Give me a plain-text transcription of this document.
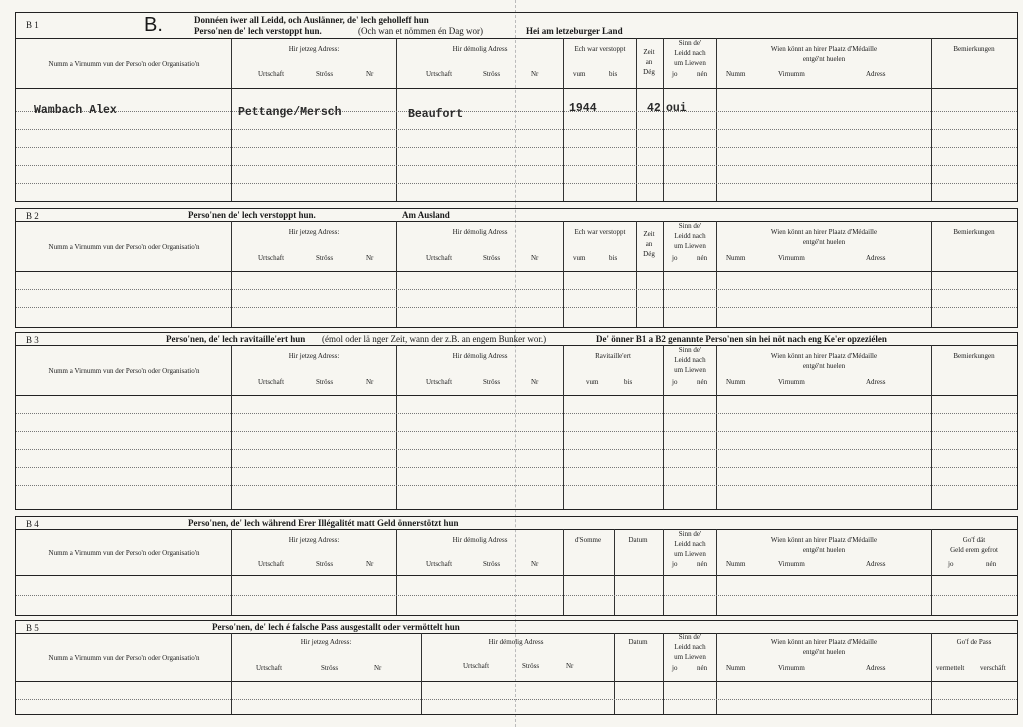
B 1	B.	Donnéen iwer all Leidd, och Auslänner, de' lech geholleff hun
Perso'nen de' lech verstoppt hun.	(Och wan et nömmen én Dag wor)	Hei am letzeburger Land
Numm a Virnumm vun der Perso'n oder Organisatio'n
Hir jetzeg Adress:
Urtschaft	Ströss	Nr
Hir démolig Adress
Urtschaft	Ströss	Nr
Ech war verstoppt
vum	bis
Zeit
an
Dég
Sinn de'
Leidd nach
um Liewen
jo	nén
Wien könnt an hirer Plaatz d'Médaille
entgé'nt huelen
Numm	Virnumm	Adress
Bemierkungen
Wambach Alex	Pettange/Mersch	Beaufort	1944	42 oui
B 2	Perso'nen de' lech verstoppt hun.	Am Ausland
Numm a Virnumm vun der Perso'n oder Organisatio'n
Hir jetzeg Adress:
Urtschaft	Ströss	Nr
Hir démolig Adress
Urtschaft	Ströss	Nr
Ech war verstoppt
vum	bis
Zeit
an
Dég
Sinn de'
Leidd nach
um Liewen
jo	nén
Wien könnt an hirer Plaatz d'Médaille
entgé'nt huelen
Numm	Virnumm	Adress
Bemierkungen
B 3	Perso'nen, de' lech ravitaille'ert hun (émol oder lä nger Zeit, wann der z.B. an engem Bunker wor.)	De' önner B1 a B2 genannte Perso'nen sin hei nöt nach eng Ke'er opzeziélen
Numm a Virnumm vun der Perso'n oder Organisatio'n
Hir jetzeg Adress:
Urtschaft	Ströss	Nr
Hir démolig Adress
Urtschaft	Ströss	Nr
Ravitaille'ert
vum	bis
Sinn de'
Leidd nach
um Liewen
jo	nén
Wien könnt an hirer Plaatz d'Médaille
entgé'nt huelen
Numm	Virnumm	Adress
Bemierkungen
B 4	Perso'nen, de' lech während Erer Illégalitét matt Geld önnerstötzt hun
Numm a Virnumm vun der Perso'n oder Organisatio'n
Hir jetzeg Adress:
Urtschaft	Ströss	Nr
Hir démolig Adress
Urtschaft	Ströss	Nr
d'Somme	Datum
Sinn de'
Leidd nach
um Liewen
jo	nén
Wien könnt an hirer Plaatz d'Médaille
entgé'nt huelen
Numm	Virnumm	Adress
Go'f dät
Geld erem gefrot
jo	nén
B 5	Perso'nen, de' lech é falsche Pass ausgestallt oder vermöttelt hun
Numm a Virnumm vun der Perso'n oder Organisatio'n
Hir jetzeg Adress:
Urtschaft	Ströss	Nr
Hir démolig Adress
Urtschaft	Ströss	Nr
Datum
Sinn de'
Leidd nach
um Liewen
jo	nén
Wien könnt an hirer Plaatz d'Médaille
entgé'nt huelen
Numm	Virnumm	Adress
Go'f de Pass
vermettelt verschäft
